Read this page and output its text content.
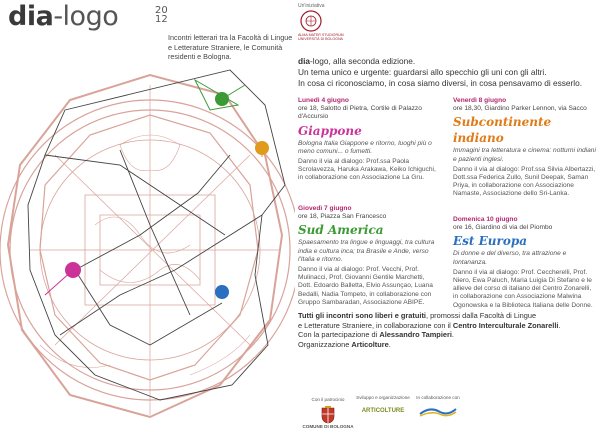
dia-logo	20
12
Incontri letterari tra la Facoltà di Lingue e Letterature Straniere, le Comunità residenti e Bologna.
Un'iniziativa
ALMA MATER STUDIORUM UNIVERSITÀ DI BOLOGNA
dia-logo, alla seconda edizione.
Un tema unico e urgente: guardarsi allo specchio gli uni con gli altri.
In cosa ci riconosciamo, in cosa siamo diversi, in cosa pensavamo di esserlo.
Lunedì 4 giugno
ore 18, Salotto di Pietra, Cortile di Palazzo d'Accursio
Giappone
Bologna Italia Giappone e ritorno, luoghi più o meno comuni... o fumetti.
Danno il via al dialogo: Prof.ssa Paola Scrolavezza, Haruka Arakawa, Keiko Ichiguchi, in collaborazione con Associazione La Gru.
Venerdì 8 giugno
ore 18,30, Giardino Parker Lennon, via Sacco
Subcontinente indiano
Immagini tra letteratura e cinema: notturni indiani e pazienti inglesi.
Danno il via al dialogo: Prof.ssa Silvia Albertazzi, Dott.ssa Federica Zullo, Sunil Deepak, Saman Priya, in collaborazione con Associazione Namaste, Associazione dello Sri-Lanka.
Giovedì 7 giugno
ore 18, Piazza San Francesco
Sud America
Spaesamento tra lingue e linguaggi, tra cultura india e cultura inca; tra Brasile e Ande, verso l'Italia e ritorno.
Danno il via al dialogo: Prof. Vecchi, Prof. Mulinacci, Prof. Giovanni Gentile Marchetti, Dott. Edoardo Balletta, Elvio Assunçao, Luana Bedalli, Nadia Tompeto, in collaborazione con Gruppo Sambaradan, Associazione ABIPE.
Domenica 10 giugno
ore 16, Giardino di via del Piombo
Est Europa
Di donne e del diverso, tra attrazione e lontananza.
Danno il via al dialogo: Prof. Ceccherelli, Prof. Niero, Ewa Paluch, Maria Luigia Di Stefano e le allieve del corso di italiano del Centro Zonarelli, in collaborazione con Associazione Malwina Ogonowska e la Biblioteca Italiana delle Donne.
Tutti gli incontri sono liberi e gratuiti, promossi dalla Facoltà di Lingue
e Letterature Straniere, in collaborazione con il Centro Interculturale Zonarelli.
Con la partecipazione di Alessandro Tampieri.
Organizzazione Articolture.
Con il patrocinio
COMUNE DI BOLOGNA
Sviluppo e organizzazione
ARTICOLTURE
In collaborazione con
